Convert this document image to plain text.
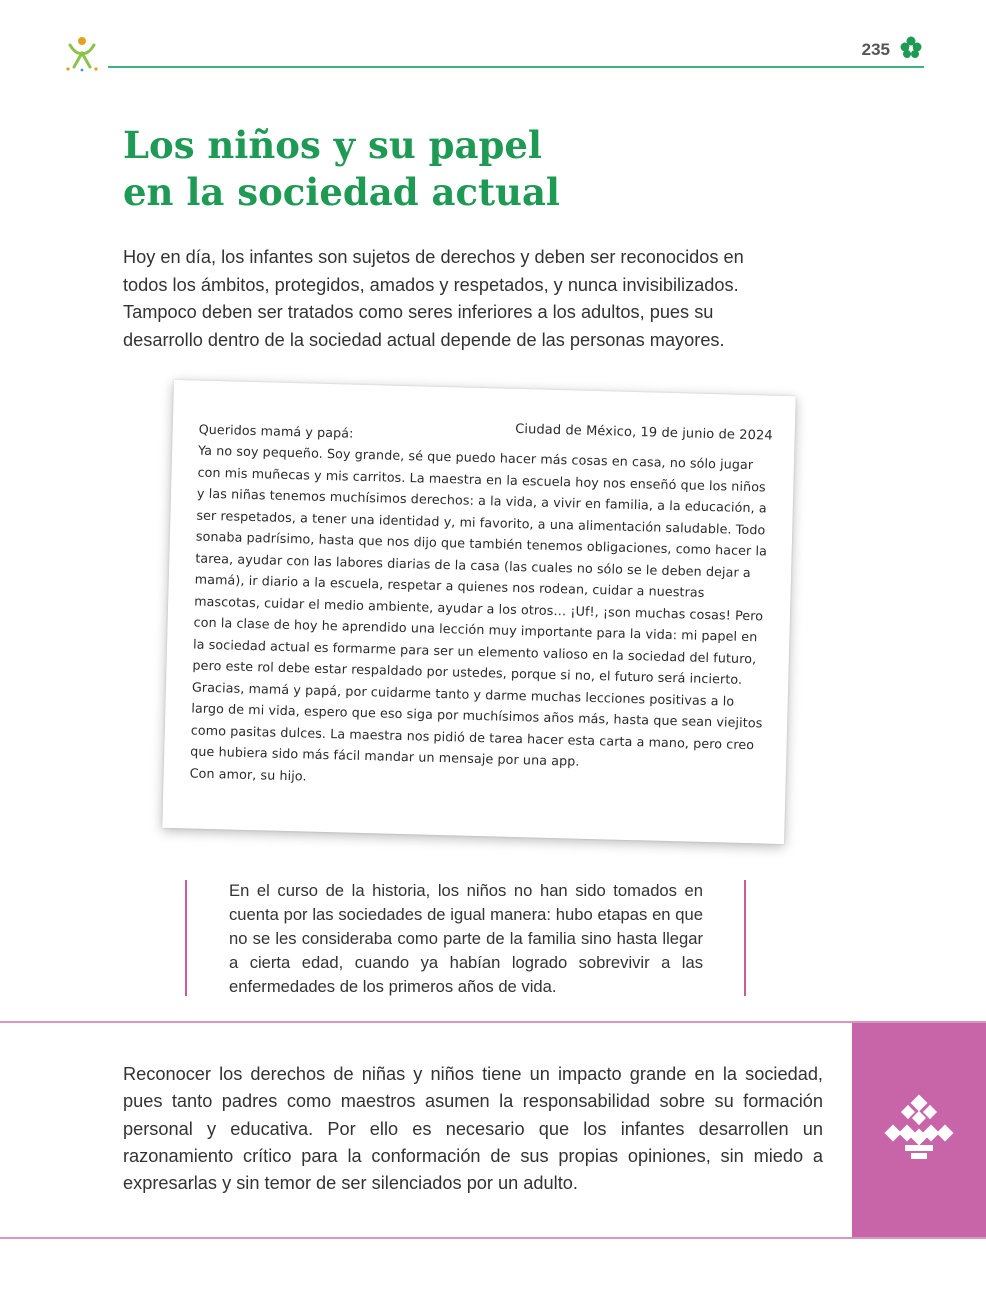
235
Los niños y su papel
en la sociedad actual

Hoy en día, los infantes son sujetos de derechos y deben ser reconocidos en todos los ámbitos, protegidos, amados y respetados, y nunca invisibilizados. Tampoco deben ser tratados como seres inferiores a los adultos, pues su desarrollo dentro de la sociedad actual depende de las personas mayores.

Ciudad de México, 19 de junio de 2024
Queridos mamá y papá:

Ya no soy pequeño. Soy grande, sé que puedo hacer más cosas en casa, no sólo jugar con mis muñecas y mis carritos. La maestra en la escuela hoy nos enseñó que los niños y las niñas tenemos muchísimos derechos: a la vida, a vivir en familia, a la educación, a ser respetados, a tener una identidad y, mi favorito, a una alimentación saludable. Todo sonaba padrísimo, hasta que nos dijo que también tenemos obligaciones, como hacer la tarea, ayudar con las labores diarias de la casa (las cuales no sólo se le deben dejar a mamá), ir diario a la escuela, respetar a quienes nos rodean, cuidar a nuestras mascotas, cuidar el medio ambiente, ayudar a los otros… ¡Uf!, ¡son muchas cosas! Pero con la clase de hoy he aprendido una lección muy importante para la vida: mi papel en la sociedad actual es formarme para ser un elemento valioso en la sociedad del futuro, pero este rol debe estar respaldado por ustedes, porque si no, el futuro será incierto. Gracias, mamá y papá, por cuidarme tanto y darme muchas lecciones positivas a lo largo de mi vida, espero que eso siga por muchísimos años más, hasta que sean viejitos como pasitas dulces. La maestra nos pidió de tarea hacer esta carta a mano, pero creo que hubiera sido más fácil mandar un mensaje por una app.

Con amor, su hijo.

En el curso de la historia, los niños no han sido tomados en cuenta por las sociedades de igual manera: hubo etapas en que no se les consideraba como parte de la familia sino hasta llegar a cierta edad, cuando ya habían logrado sobrevivir a las enfermedades de los primeros años de vida.

Reconocer los derechos de niñas y niños tiene un impacto grande en la sociedad, pues tanto padres como maestros asumen la responsabilidad sobre su formación personal y educativa. Por ello es necesario que los infantes desarrollen un razonamiento crítico para la conformación de sus propias opiniones, sin miedo a expresarlas y sin temor de ser silenciados por un adulto.
